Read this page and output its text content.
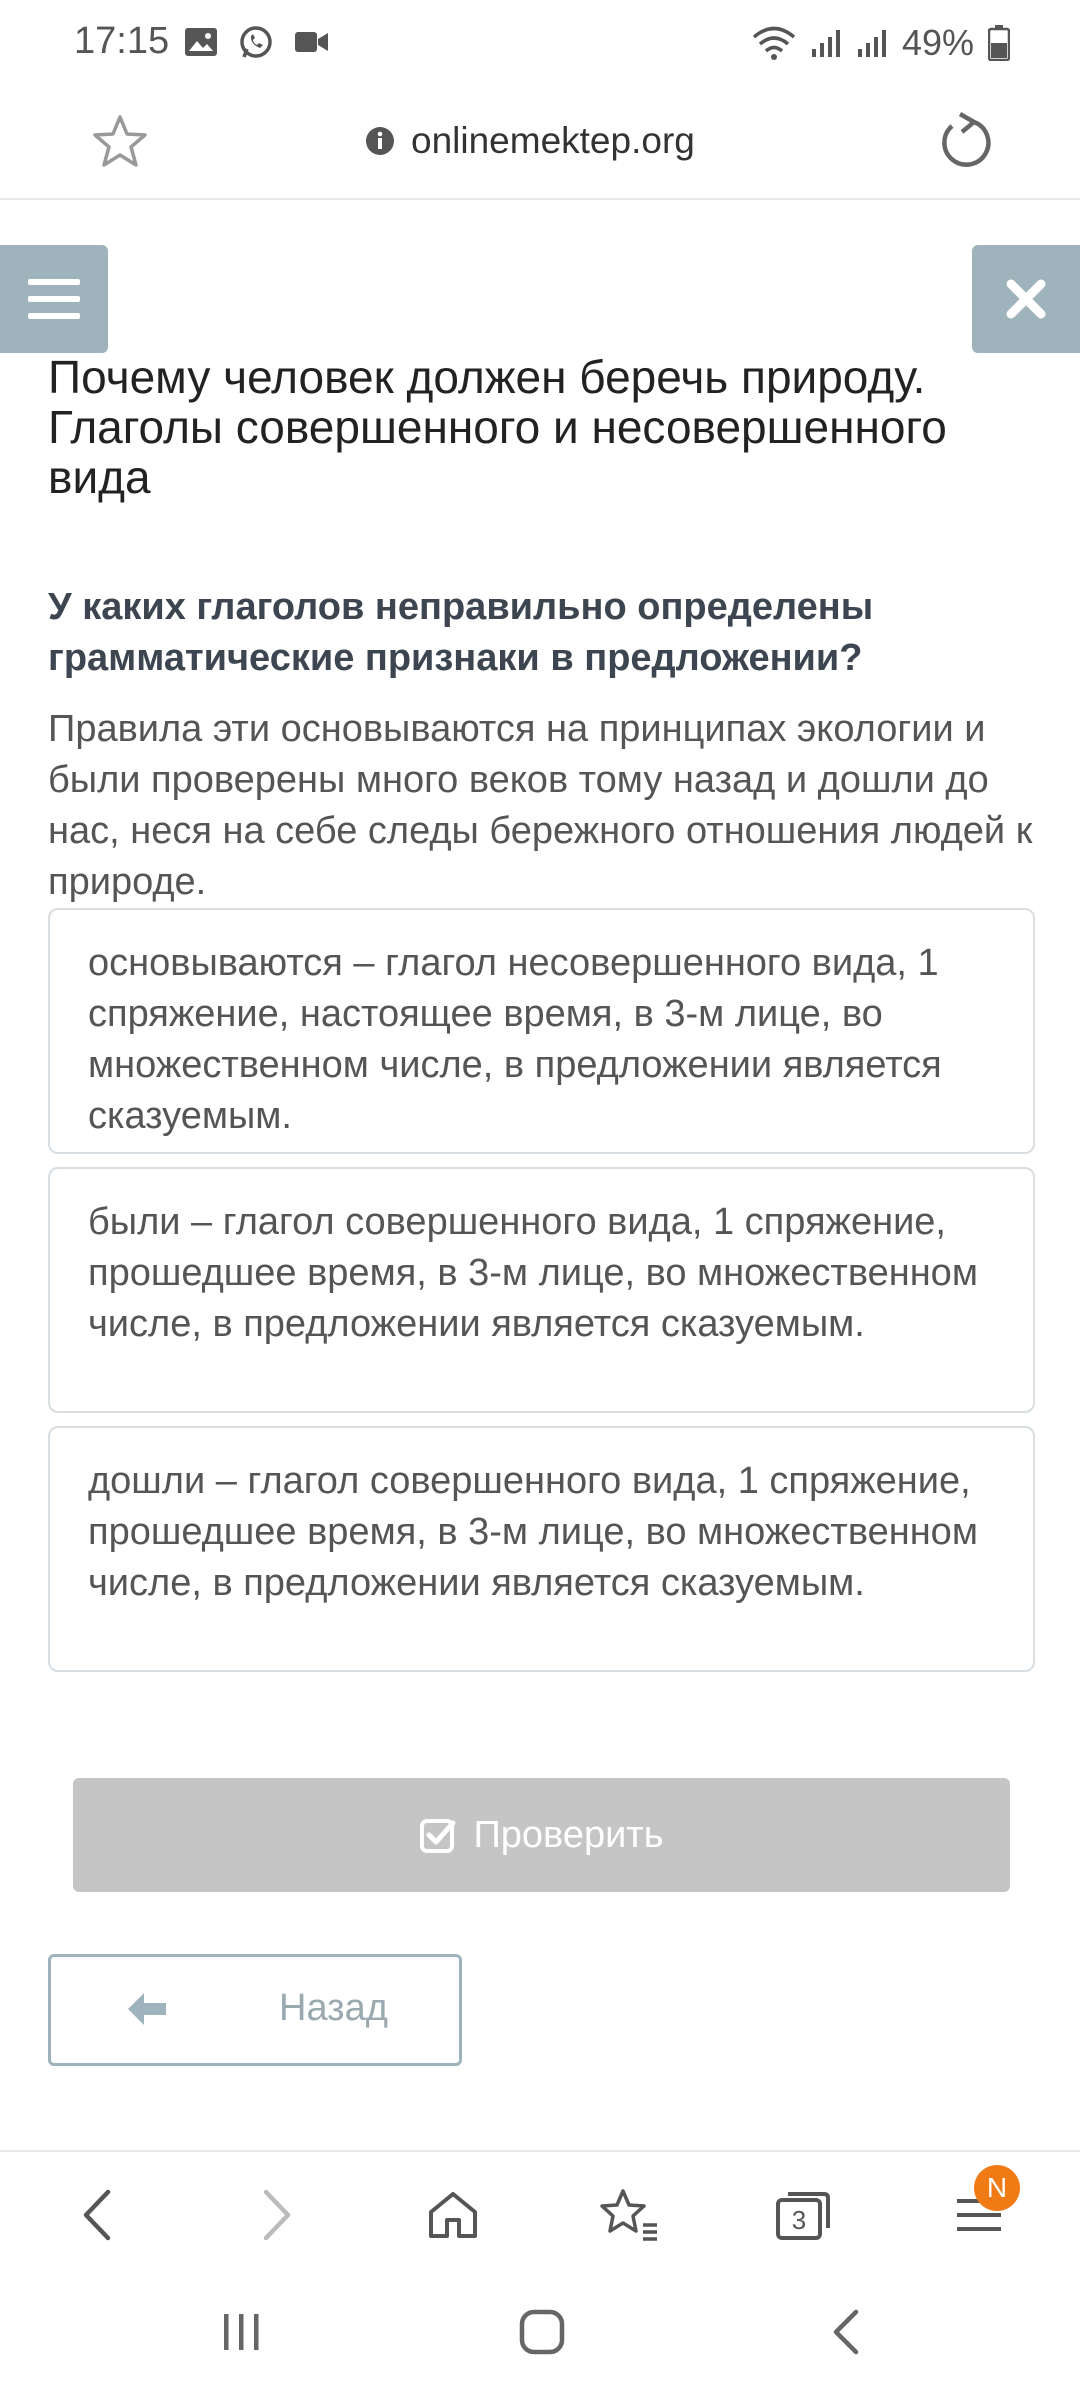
17:15	49%
onlinemektep.org
Почему человек должен беречь природу. Глаголы совершенного и несовершенного вида
У каких глаголов неправильно определены грамматические признаки в предложении?
Правила эти основываются на принципах экологии и были проверены много веков тому назад и дошли до нас, неся на себе следы бережного отношения людей к природе.
основываются – глагол несовершенного вида, 1 спряжение, настоящее время, в 3-м лице, во множественном числе, в предложении является сказуемым.
были – глагол совершенного вида, 1 спряжение, прошедшее время, в 3-м лице, во множественном числе, в предложении является сказуемым.
дошли – глагол совершенного вида, 1 спряжение, прошедшее время, в 3-м лице, во множественном числе, в предложении является сказуемым.
Проверить
Назад
3
N
